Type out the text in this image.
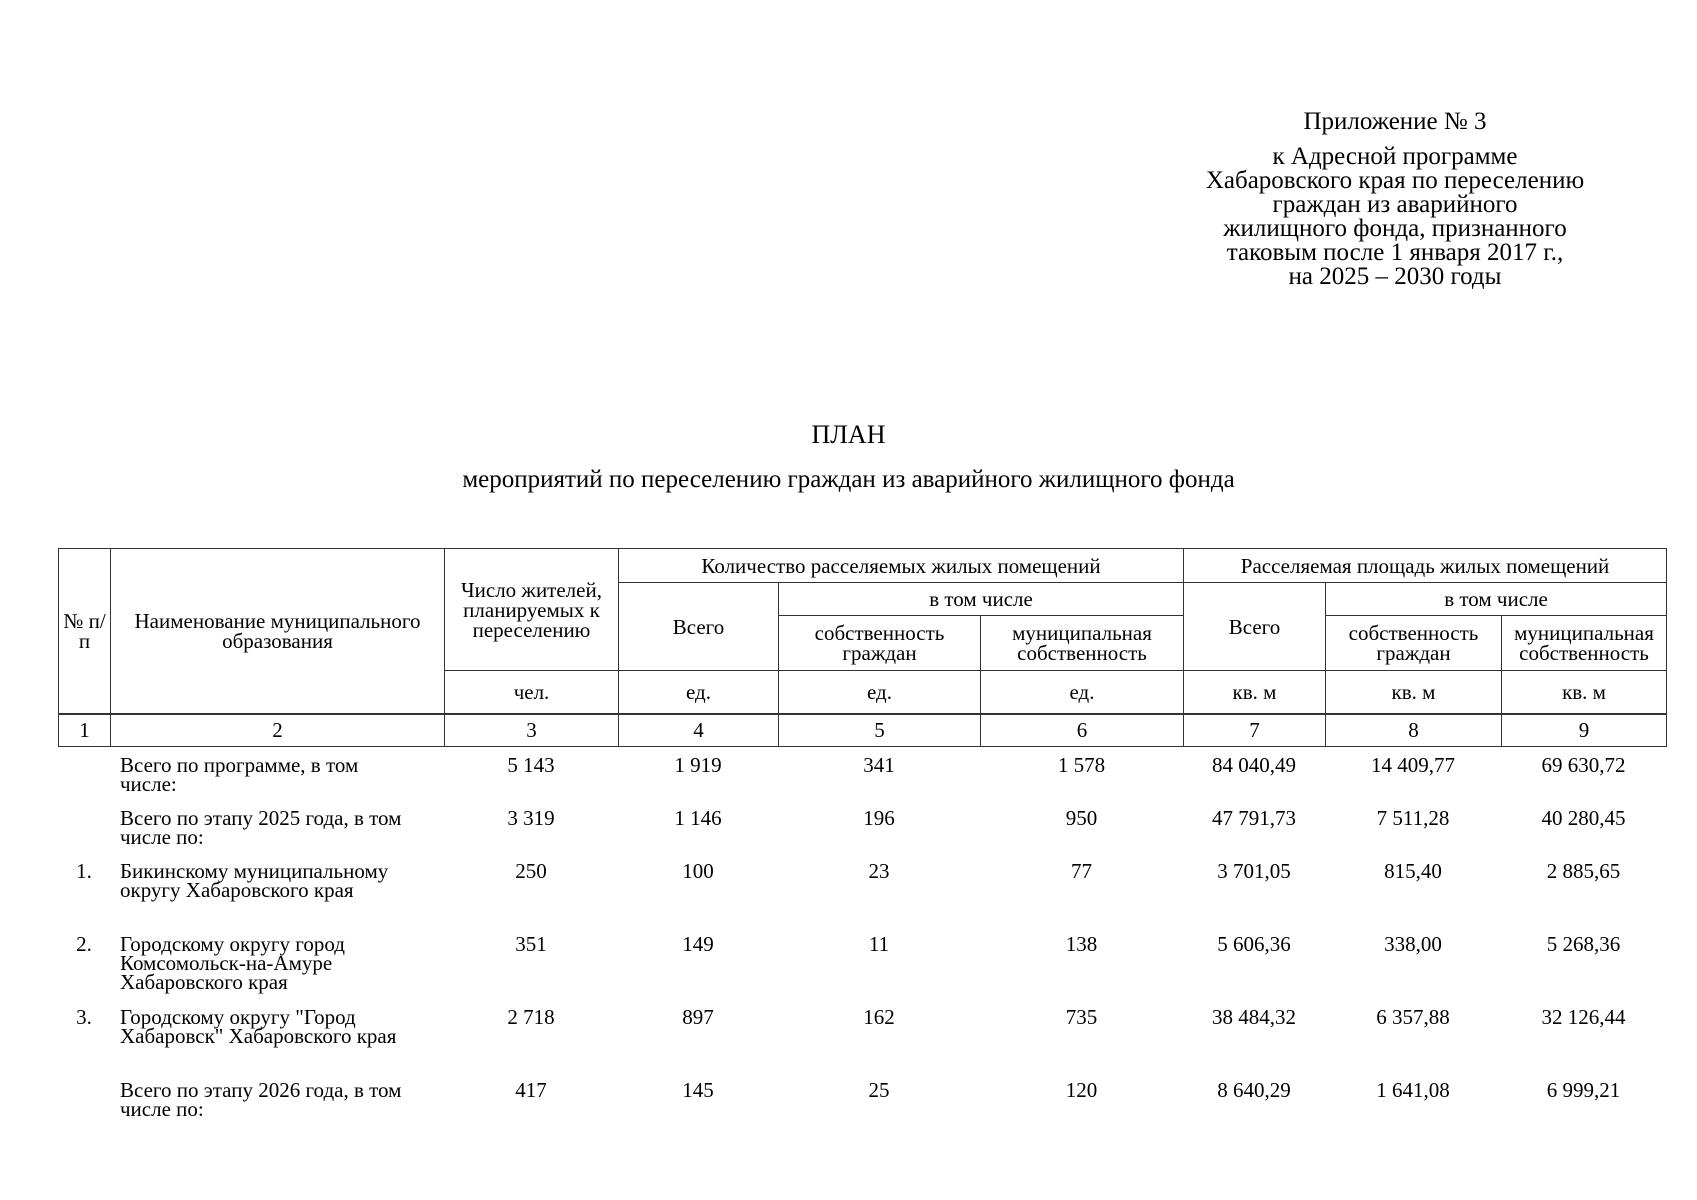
Приложение № 3
к Адресной программе
Хабаровского края по переселению
граждан из аварийного
жилищного фонда, признанного
таковым после 1 января 2017 г.,
на 2025 – 2030 годы
ПЛАН
мероприятий по переселению граждан из аварийного жилищного фонда
№ п/п	Наименование муниципального образования	Число жителей, планируемых к переселению	Количество расселяемых жилых помещений			Расселяемая площадь жилых помещений		
			Всего	в том числе		Всего	в том числе	
				собственность граждан	муниципальная собственность		собственность граждан	муниципальная собственность
		чел.	ед.	ед.	ед.	кв. м	кв. м	кв. м
1	2	3	4	5	6	7	8	9
	Всего по программе, в том числе:	5 143	1 919	341	1 578	84 040,49	14 409,77	69 630,72
	Всего по этапу 2025 года, в том числе по:	3 319	1 146	196	950	47 791,73	7 511,28	40 280,45
1.	Бикинскому муниципальному округу Хабаровского края	250	100	23	77	3 701,05	815,40	2 885,65
2.	Городскому округу город Комсомольск-на-Амуре Хабаровского края	351	149	11	138	5 606,36	338,00	5 268,36
3.	Городскому округу "Город Хабаровск" Хабаровского края	2 718	897	162	735	38 484,32	6 357,88	32 126,44
	Всего по этапу 2026 года, в том числе по:	417	145	25	120	8 640,29	1 641,08	6 999,21
